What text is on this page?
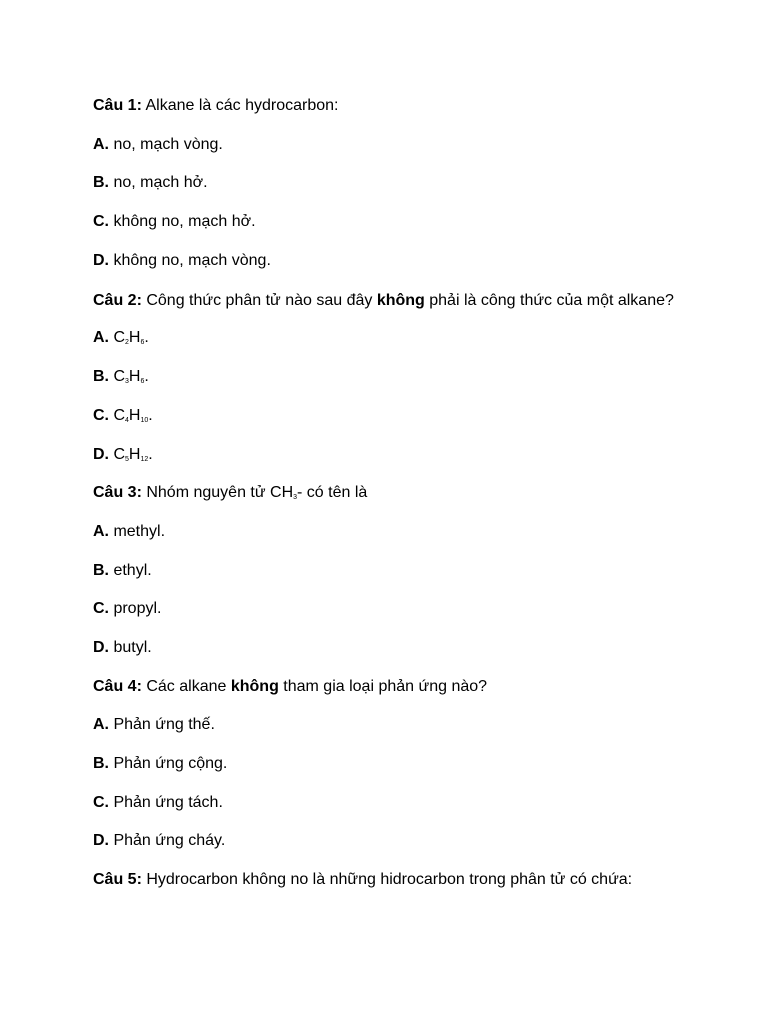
Câu 1: Alkane là các hydrocarbon:
A. no, mạch vòng.
B. no, mạch hở.
C. không no, mạch hở.
D. không no, mạch vòng.
Câu 2: Công thức phân tử nào sau đây không phải là công thức của một alkane?
A. $C_2H_6$.
B. $C_3H_6$.
C. $C_4H_{10}$.
D. $C_5H_{12}$.
Câu 3: Nhóm nguyên tử $CH_3-$ có tên là
A. methyl.
B. ethyl.
C. propyl.
D. butyl.
Câu 4: Các alkane không tham gia loại phản ứng nào?
A. Phản ứng thế.
B. Phản ứng cộng.
C. Phản ứng tách.
D. Phản ứng cháy.
Câu 5: Hydrocarbon không no là những hidrocarbon trong phân tử có chứa:
